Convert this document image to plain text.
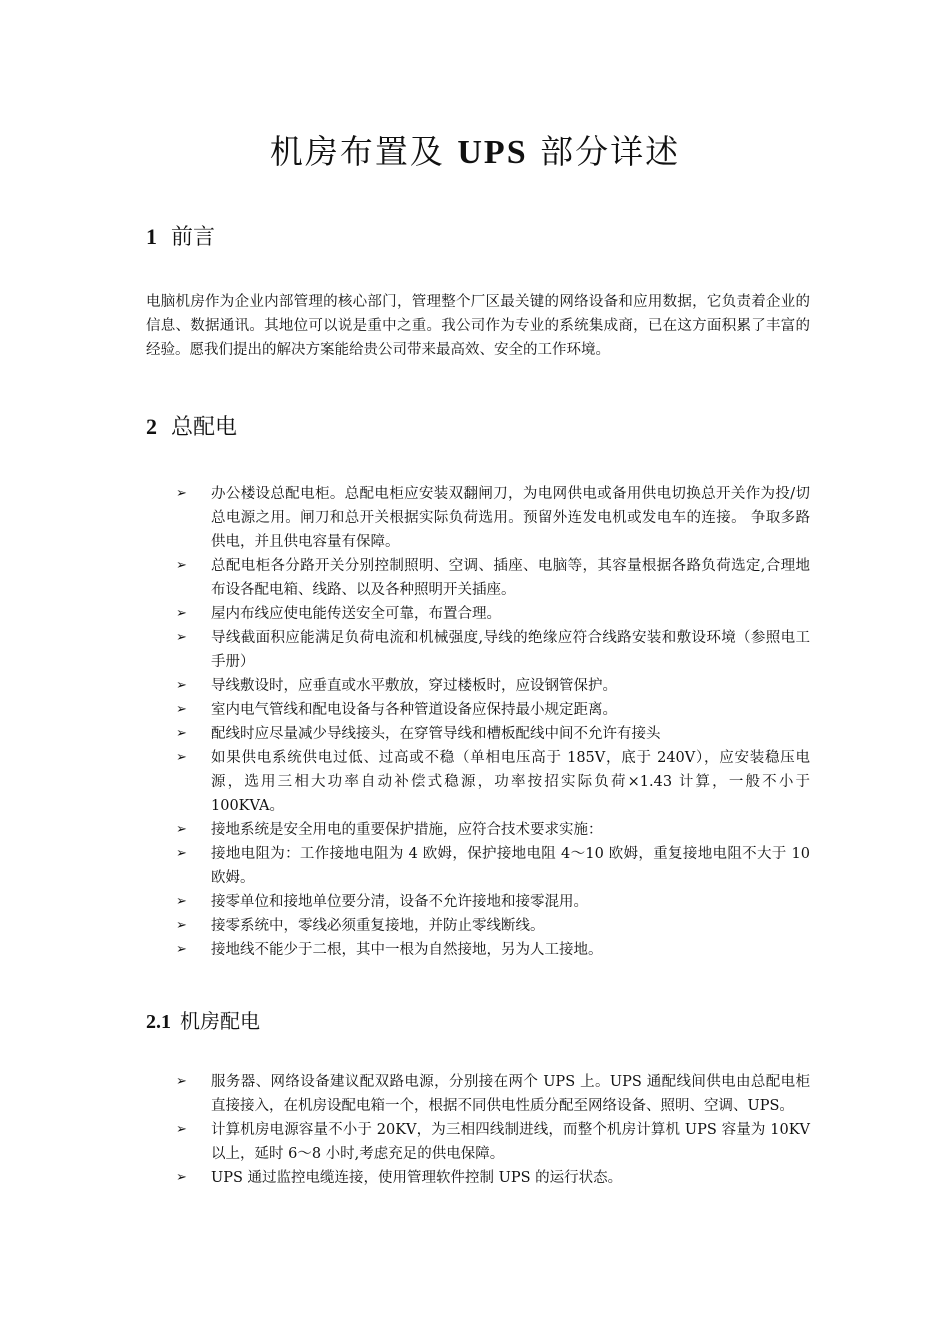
机房布置及 UPS 部分详述
1 前言

电脑机房作为企业内部管理的核心部门，管理整个厂区最关键的网络设备和应用数据，它负责着企业的信息、数据通讯。其地位可以说是重中之重。我公司作为专业的系统集成商，已在这方面积累了丰富的经验。愿我们提出的解决方案能给贵公司带来最高效、安全的工作环境。

2 总配电
➢ 办公楼设总配电柜。总配电柜应安装双翻闸刀，为电网供电或备用供电切换总开关作为投/切总电源之用。闸刀和总开关根据实际负荷选用。预留外连发电机或发电车的连接。 争取多路供电，并且供电容量有保障。
➢ 总配电柜各分路开关分别控制照明、空调、插座、电脑等，其容量根据各路负荷选定,合理地布设各配电箱、线路、以及各种照明开关插座。
➢ 屋内布线应使电能传送安全可靠，布置合理。
➢ 导线截面积应能满足负荷电流和机械强度,导线的绝缘应符合线路安装和敷设环境（参照电工手册）
➢ 导线敷设时，应垂直或水平敷放，穿过楼板时，应设钢管保护。
➢ 室内电气管线和配电设备与各种管道设备应保持最小规定距离。
➢ 配线时应尽量减少导线接头，在穿管导线和槽板配线中间不允许有接头
➢ 如果供电系统供电过低、过高或不稳（单相电压高于 185V，底于 240V），应安装稳压电源，选用三相大功率自动补偿式稳源，功率按招实际负荷×1.43 计算，一般不小于 100KVA。
➢ 接地系统是安全用电的重要保护措施，应符合技术要求实施：
➢ 接地电阻为：工作接地电阻为 4 欧姆，保护接地电阻 4～10 欧姆，重复接地电阻不大于 10 欧姆。
➢ 接零单位和接地单位要分清，设备不允许接地和接零混用。
➢ 接零系统中，零线必须重复接地，并防止零线断线。
➢ 接地线不能少于二根，其中一根为自然接地，另为人工接地。
2.1 机房配电
➢ 服务器、网络设备建议配双路电源，分别接在两个 UPS 上。UPS 通配线间供电由总配电柜直接接入，在机房设配电箱一个，根据不同供电性质分配至网络设备、照明、空调、UPS。
➢ 计算机房电源容量不小于 20KV，为三相四线制进线，而整个机房计算机 UPS 容量为 10KV 以上，延时 6～8 小时,考虑充足的供电保障。
➢ UPS 通过监控电缆连接，使用管理软件控制 UPS 的运行状态。
